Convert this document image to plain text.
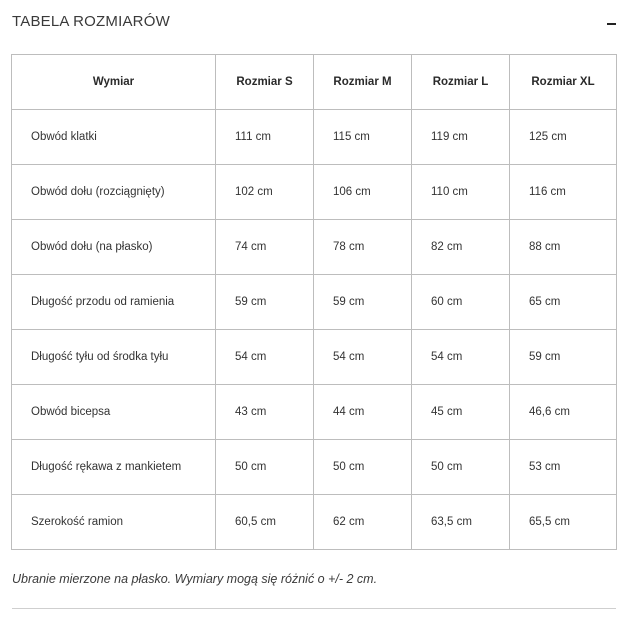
TABELA ROZMIARÓW
Wymiar	Rozmiar S	Rozmiar M	Rozmiar L	Rozmiar XL
Obwód klatki	111 cm	115 cm	119 cm	125 cm
Obwód dołu (rozciągnięty)	102 cm	106 cm	110 cm	116 cm
Obwód dołu (na płasko)	74 cm	78 cm	82 cm	88 cm
Długość przodu od ramienia	59 cm	59 cm	60 cm	65 cm
Długość tyłu od środka tyłu	54 cm	54 cm	54 cm	59 cm
Obwód bicepsa	43 cm	44 cm	45 cm	46,6 cm
Długość rękawa z mankietem	50 cm	50 cm	50 cm	53 cm
Szerokość ramion	60,5 cm	62 cm	63,5 cm	65,5 cm
Ubranie mierzone na płasko. Wymiary mogą się różnić o +/- 2 cm.
